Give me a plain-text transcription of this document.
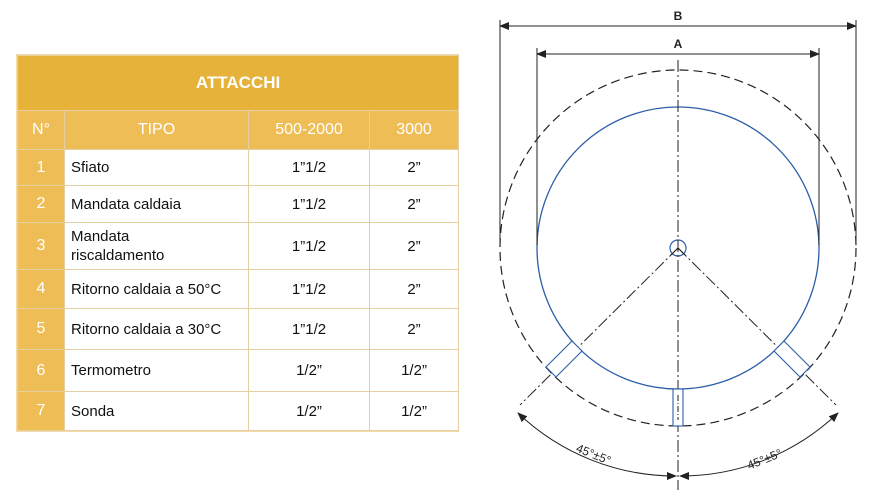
ATTACCHI			
N°	TIPO	500-2000	3000
1	Sfiato	1”1/2	2”
2	Mandata caldaia	1”1/2	2”
3	Mandata
riscaldamento	1”1/2	2”
4	Ritorno caldaia a 50°C	1”1/2	2”
5	Ritorno caldaia a 30°C	1”1/2	2”
6	Termometro	1/2”	1/2”
7	Sonda	1/2”	1/2”
B
A
45°±5°	45°±5°
